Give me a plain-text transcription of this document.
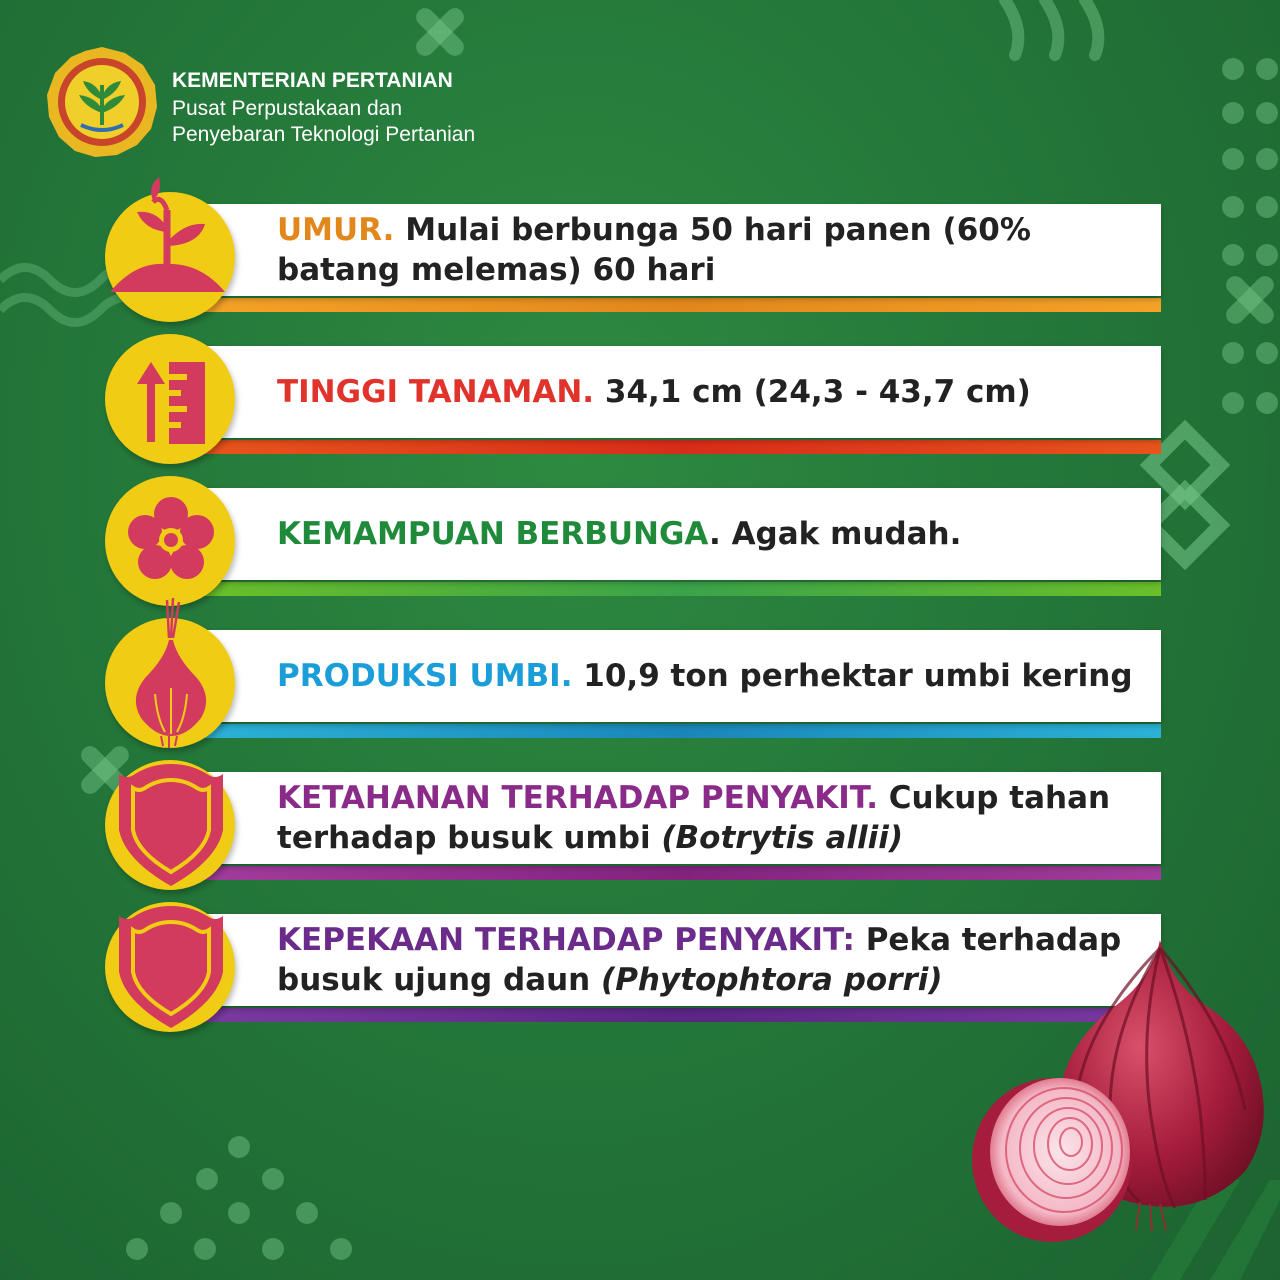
KEMENTERIAN PERTANIAN
Pusat Perpustakaan dan
Penyebaran Teknologi Pertanian
UMUR. Mulai berbunga 50 hari panen (60% batang melemas) 60 hari
TINGGI TANAMAN. 34,1 cm (24,3 - 43,7 cm)
KEMAMPUAN BERBUNGA. Agak mudah.
PRODUKSI UMBI. 10,9 ton perhektar umbi kering
KETAHANAN TERHADAP PENYAKIT. Cukup tahan terhadap busuk umbi (Botrytis allii)
KEPEKAAN TERHADAP PENYAKIT: Peka terhadap busuk ujung daun (Phytophtora porri)
